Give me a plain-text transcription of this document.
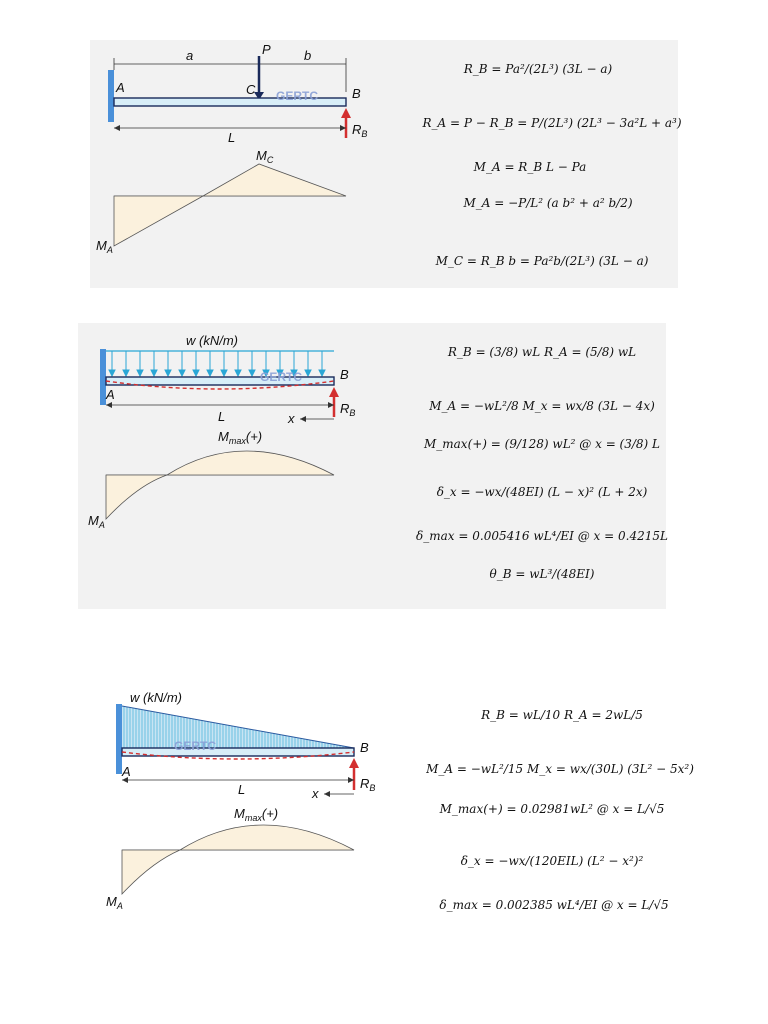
a	b
P
GERTC
A	C	B
$R_B$
L
$M_C$
$M_A$
R_B = Pa²/(2L³) (3L − a)
R_A = P − R_B = P/(2L³) (2L³ − 3a²L + a³)
M_A = R_B L − Pa
M_A = −P/L² (a b² + a² b/2)
M_C = R_B b = Pa²b/(2L³) (3L − a)
w (kN/m)
GERTC
A
B
$R_B$
L	x
$M_{max}(+)$
$M_A$
R_B = (3/8) wL R_A = (5/8) wL
M_A = −wL²/8 M_x = wx/8 (3L − 4x)
M_max(+) = (9/128) wL² @ x = (3/8) L
δ_x = −wx/(48EI) (L − x)² (L + 2x)
δ_max = 0.005416 wL⁴/EI @ x = 0.4215L
θ_B = wL³/(48EI)
w (kN/m)
GERTC
A
B
$R_B$
L	x
$M_{max}(+)$
$M_A$
R_B = wL/10 R_A = 2wL/5
M_A = −wL²/15 M_x = wx/(30L) (3L² − 5x²)
M_max(+) = 0.02981wL² @ x = L/√5
δ_x = −wx/(120EIL) (L² − x²)²
δ_max = 0.002385 wL⁴/EI @ x = L/√5
